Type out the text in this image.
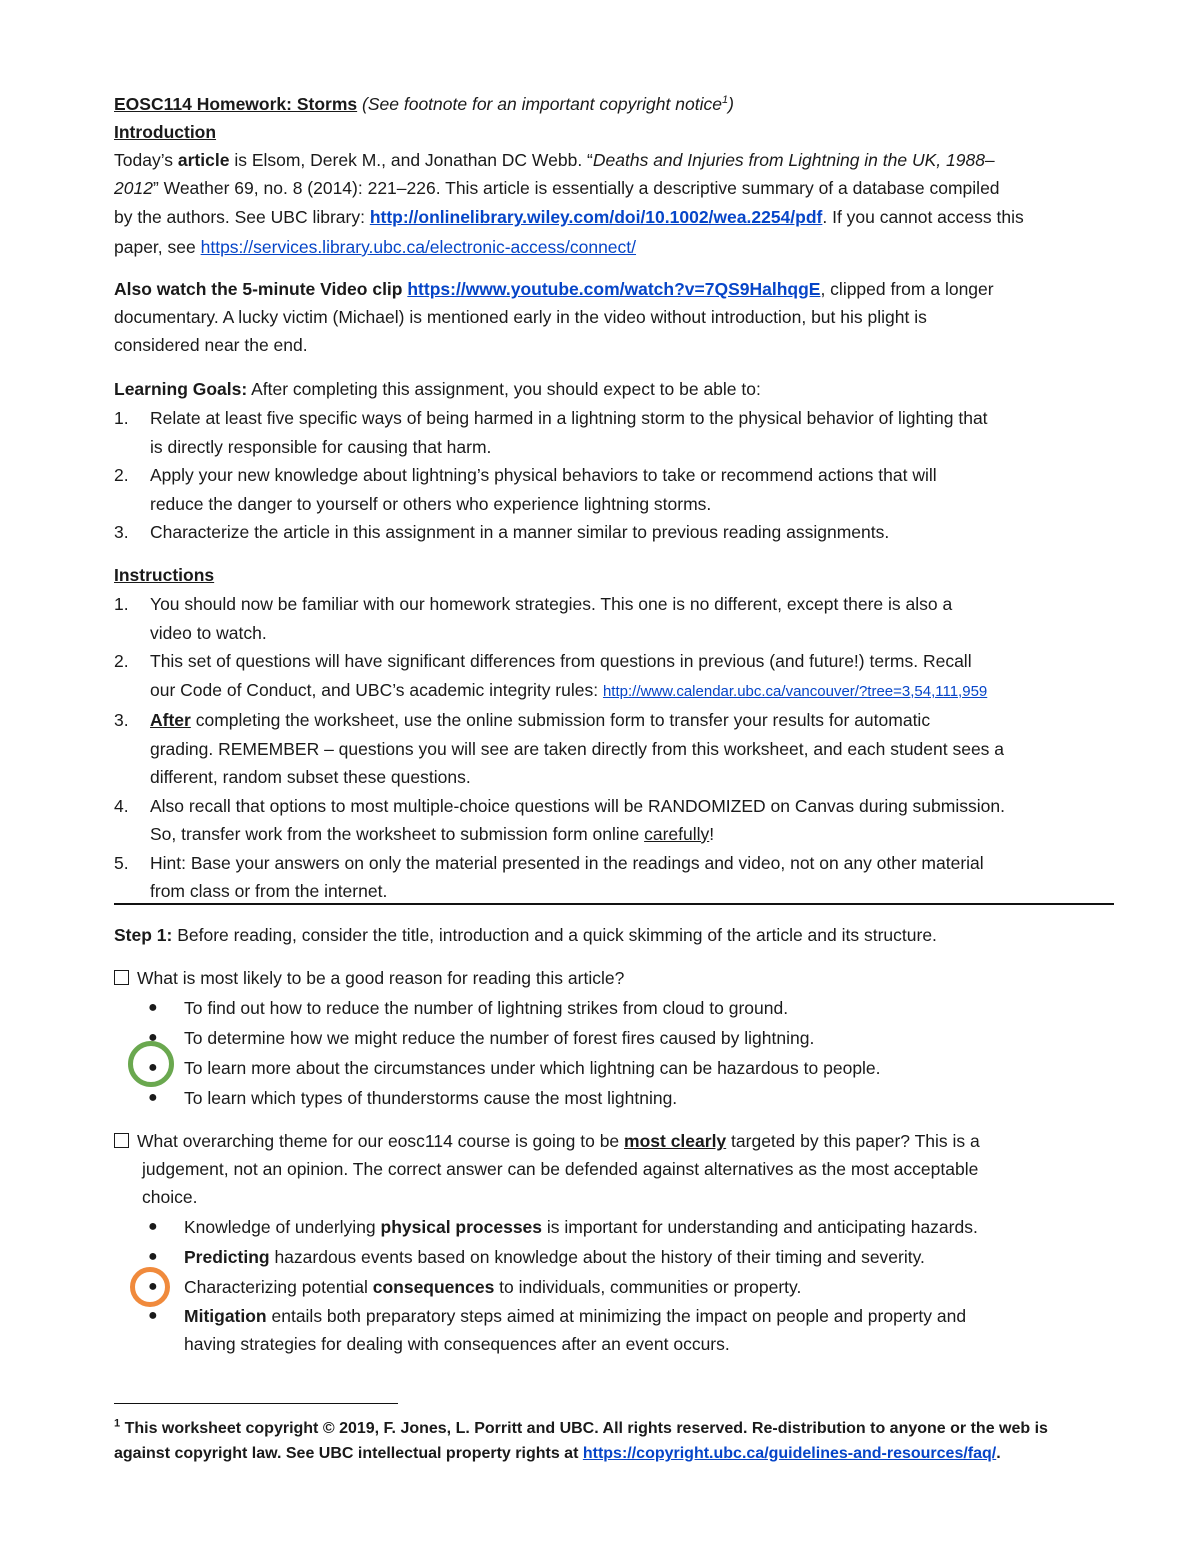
EOSC114 Homework: Storms (See footnote for an important copyright notice$^1$)
Introduction
Today’s article is Elsom, Derek M., and Jonathan DC Webb. “Deaths and Injuries from Lightning in the UK, 1988–
2012” Weather 69, no. 8 (2014): 221–226. This article is essentially a descriptive summary of a database compiled
by the authors. See UBC library: http://onlinelibrary.wiley.com/doi/10.1002/wea.2254/pdf. If you cannot access this
paper, see https://services.library.ubc.ca/electronic-access/connect/
Also watch the 5-minute Video clip https://www.youtube.com/watch?v=7QS9HalhqgE, clipped from a longer
documentary. A lucky victim (Michael) is mentioned early in the video without introduction, but his plight is
considered near the end.
Learning Goals: After completing this assignment, you should expect to be able to:
1. Relate at least five specific ways of being harmed in a lightning storm to the physical behavior of lighting that
is directly responsible for causing that harm.
2. Apply your new knowledge about lightning’s physical behaviors to take or recommend actions that will
reduce the danger to yourself or others who experience lightning storms.
3. Characterize the article in this assignment in a manner similar to previous reading assignments.
Instructions
1. You should now be familiar with our homework strategies. This one is no different, except there is also a
video to watch.
2. This set of questions will have significant differences from questions in previous (and future!) terms. Recall
our Code of Conduct, and UBC’s academic integrity rules: http://www.calendar.ubc.ca/vancouver/?tree=3,54,111,959
3. After completing the worksheet, use the online submission form to transfer your results for automatic
grading. REMEMBER – questions you will see are taken directly from this worksheet, and each student sees a
different, random subset these questions.
4. Also recall that options to most multiple-choice questions will be RANDOMIZED on Canvas during submission.
So, transfer work from the worksheet to submission form online carefully!
5. Hint: Base your answers on only the material presented in the readings and video, not on any other material
from class or from the internet.
Step 1: Before reading, consider the title, introduction and a quick skimming of the article and its structure.
What is most likely to be a good reason for reading this article?
● To find out how to reduce the number of lightning strikes from cloud to ground.
● To determine how we might reduce the number of forest fires caused by lightning.
● To learn more about the circumstances under which lightning can be hazardous to people.
● To learn which types of thunderstorms cause the most lightning.
What overarching theme for our eosc114 course is going to be most clearly targeted by this paper? This is a
judgement, not an opinion. The correct answer can be defended against alternatives as the most acceptable
choice.
● Knowledge of underlying physical processes is important for understanding and anticipating hazards.
● Predicting hazardous events based on knowledge about the history of their timing and severity.
● Characterizing potential consequences to individuals, communities or property.
● Mitigation entails both preparatory steps aimed at minimizing the impact on people and property and
having strategies for dealing with consequences after an event occurs.
$^1$ This worksheet copyright © 2019, F. Jones, L. Porritt and UBC. All rights reserved. Re-distribution to anyone or the web is
against copyright law. See UBC intellectual property rights at https://copyright.ubc.ca/guidelines-and-resources/faq/.
